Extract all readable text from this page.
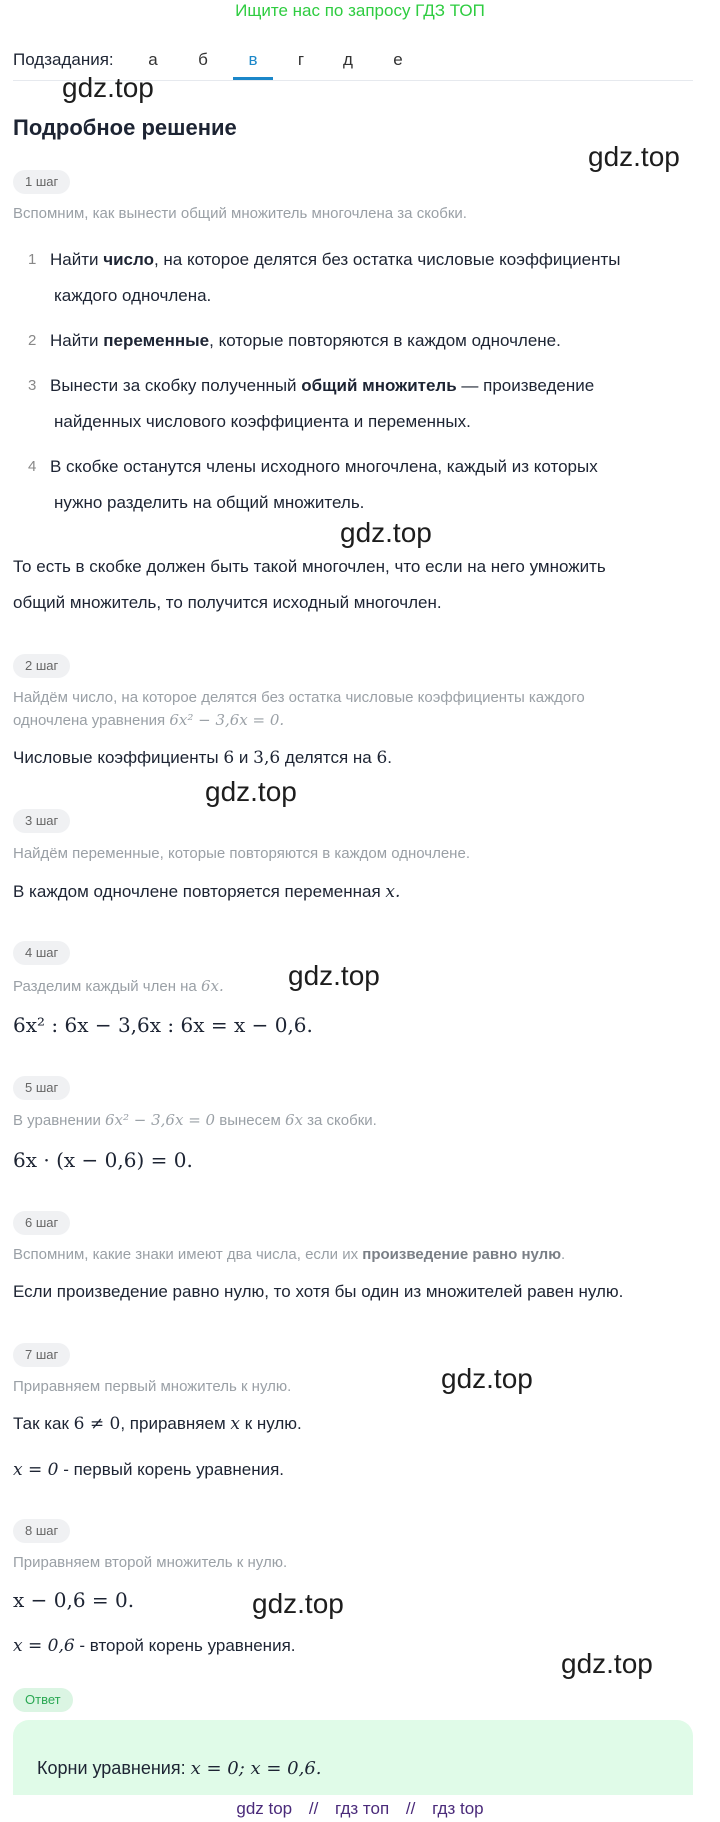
Ищите нас по запросу ГДЗ ТОП
Подзадания:	а	б	в	г	д	е
gdz.top
gdz.top
gdz.top
gdz.top
gdz.top
gdz.top
gdz.top
gdz.top
Подробное решение
1 шаг
Вспомним, как вынести общий множитель многочлена за скобки.
1 Найти число, на которое делятся без остатка числовые коэффициенты
каждого одночлена.
2 Найти переменные, которые повторяются в каждом одночлене.
3 Вынести за скобку полученный общий множитель — произведение
найденных числового коэффициента и переменных.
4 В скобке останутся члены исходного многочлена, каждый из которых
нужно разделить на общий множитель.
То есть в скобке должен быть такой многочлен, что если на него умножить
общий множитель, то получится исходный многочлен.
2 шаг
Найдём число, на которое делятся без остатка числовые коэффициенты каждого
одночлена уравнения 6x² − 3,6x = 0.
Числовые коэффициенты 6 и 3,6 делятся на 6.
3 шаг
Найдём переменные, которые повторяются в каждом одночлене.
В каждом одночлене повторяется переменная x.
4 шаг
Разделим каждый член на 6x.
6x² : 6x − 3,6x : 6x = x − 0,6.
5 шаг
В уравнении 6x² − 3,6x = 0 вынесем 6x за скобки.
6x · (x − 0,6) = 0.
6 шаг
Вспомним, какие знаки имеют два числа, если их произведение равно нулю.
Если произведение равно нулю, то хотя бы один из множителей равен нулю.
7 шаг
Приравняем первый множитель к нулю.
Так как 6 ≠ 0, приравняем x к нулю.
x = 0 - первый корень уравнения.
8 шаг
Приравняем второй множитель к нулю.
x − 0,6 = 0.
x = 0,6 - второй корень уравнения.
Ответ
Корни уравнения: x = 0; x = 0,6.
gdz top // гдз топ // гдз top
